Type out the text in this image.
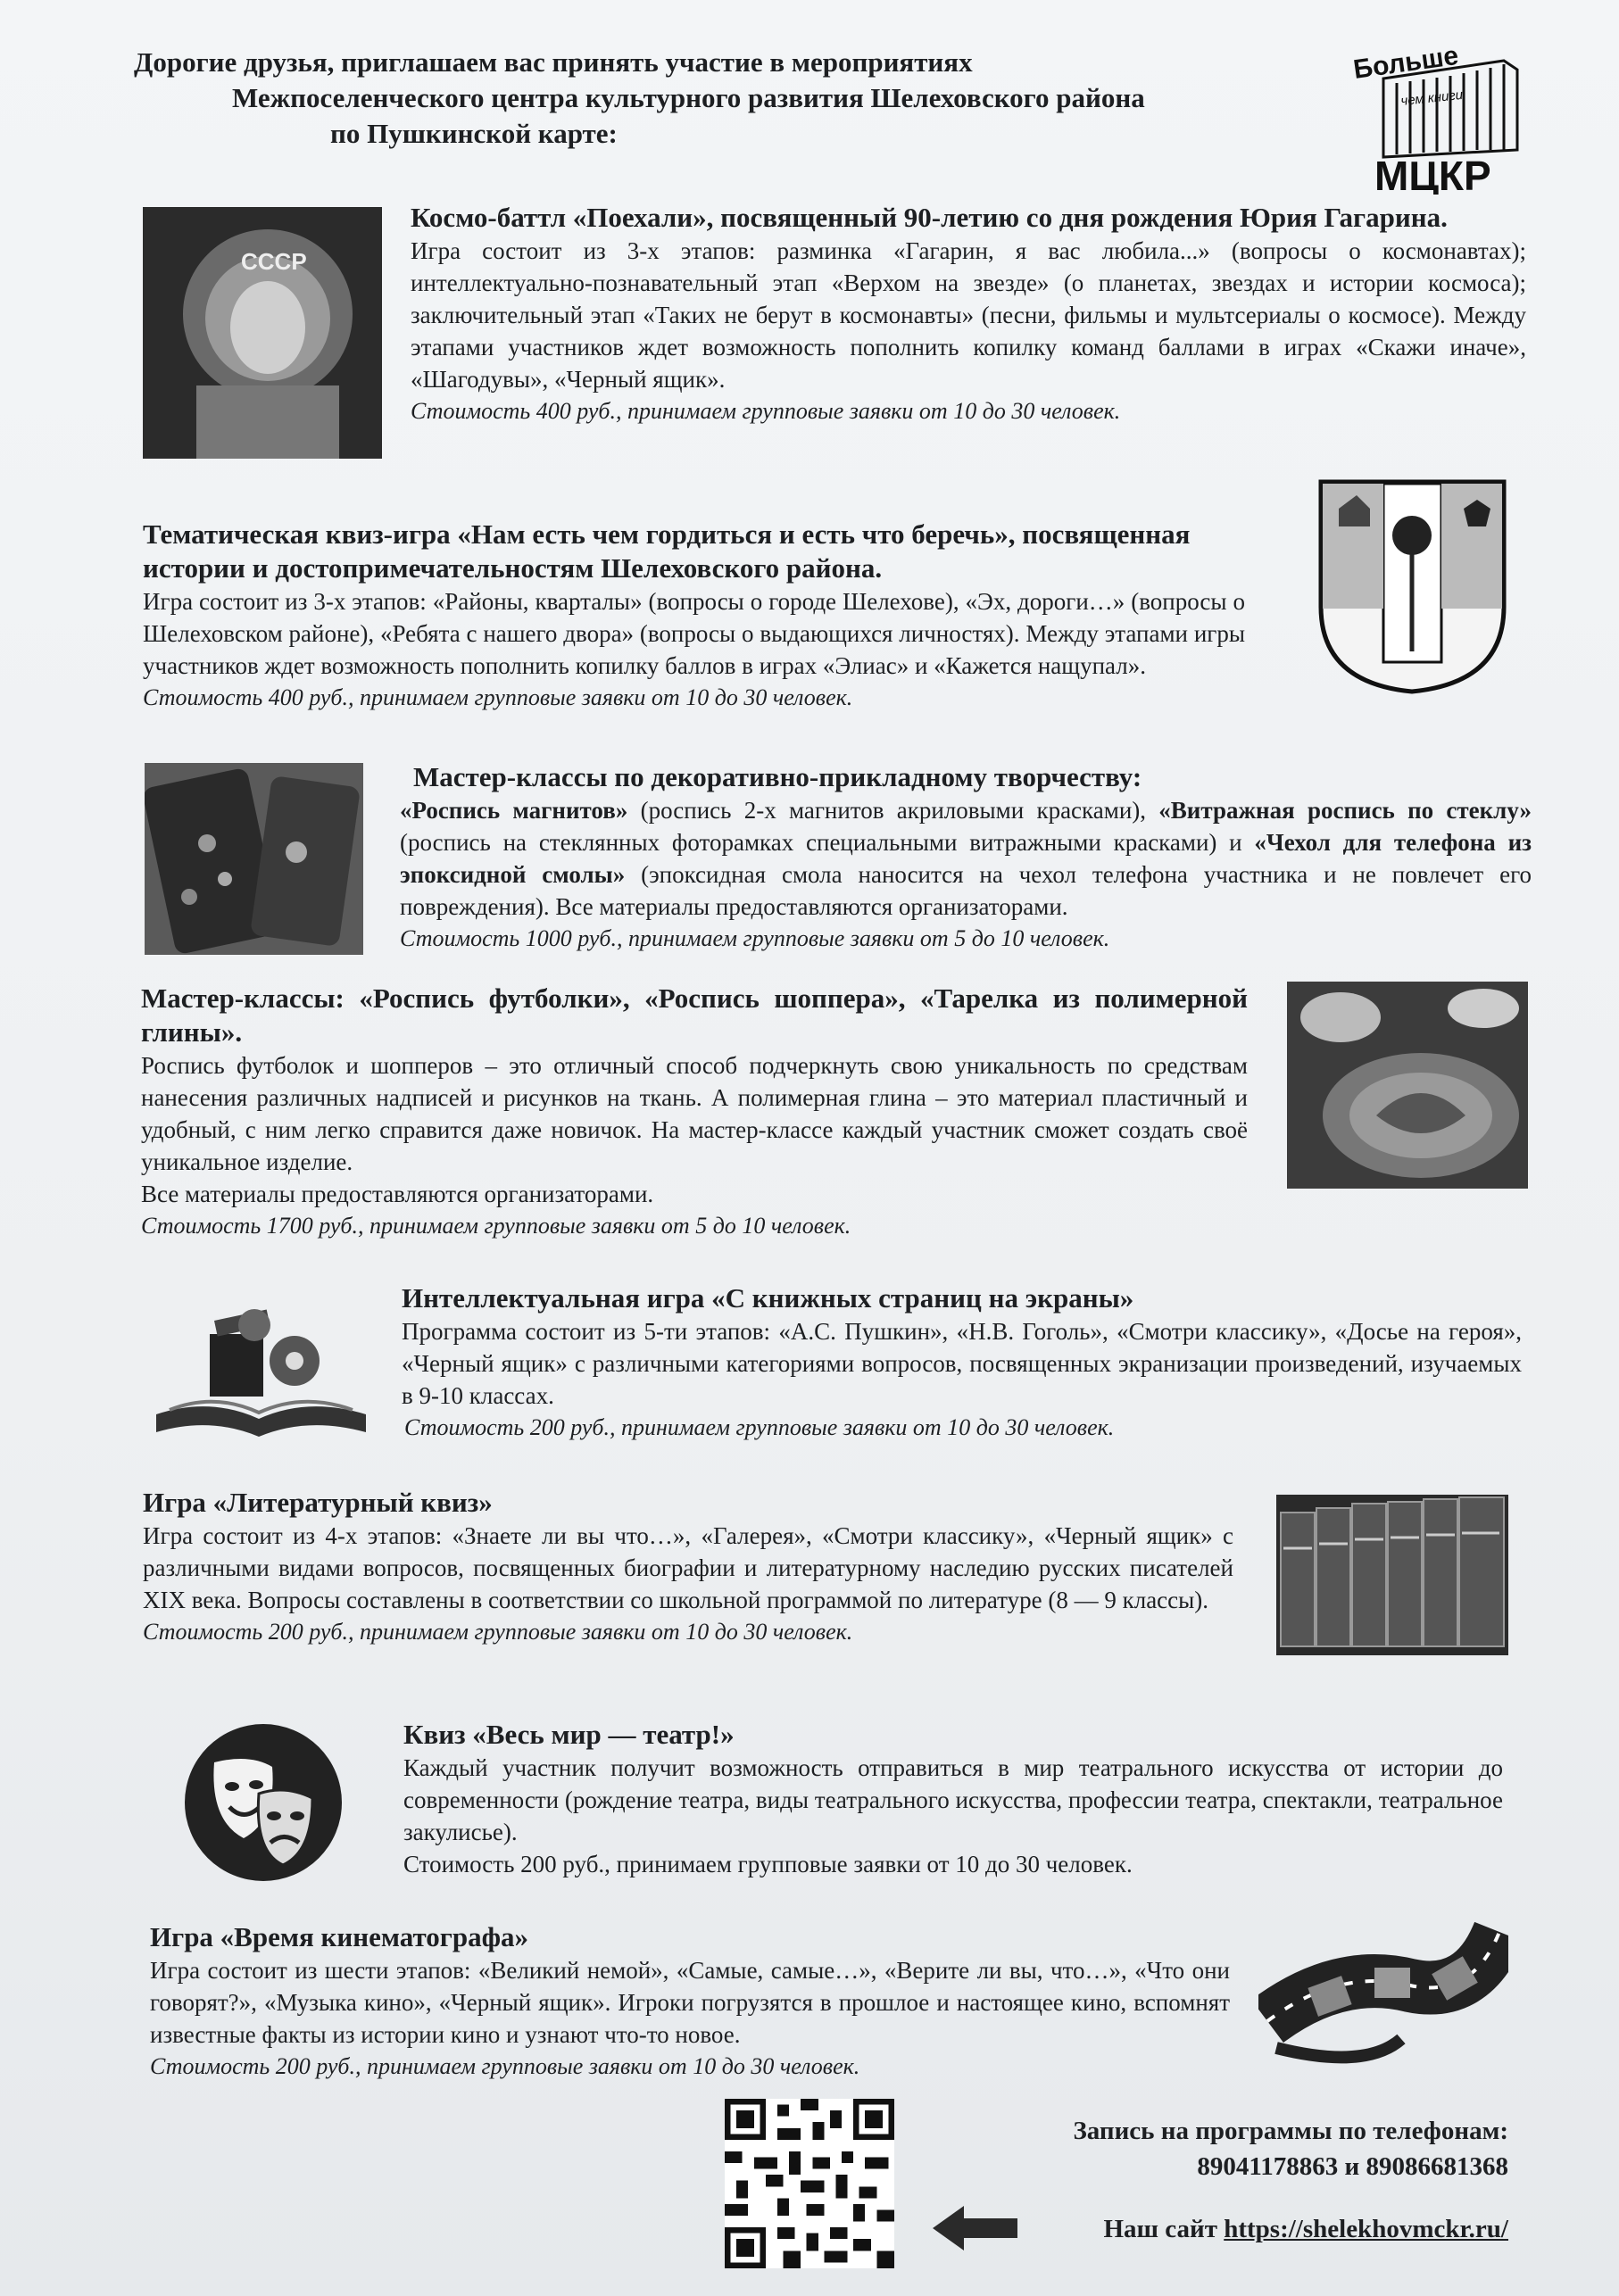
Дорогие друзья, приглашаем вас принять участие в мероприятиях
Межпоселенческого центра культурного развития Шелеховского района
по Пушкинской карте:
Больше
чем книги
МЦКР
СССР
Космо-баттл «Поехали», посвященный 90-летию со дня рождения Юрия Гагарина.

Игра состоит из 3-х этапов: разминка «Гагарин, я вас любила...» (вопросы о космонавтах); интеллектуально-познавательный этап «Верхом на звезде» (о планетах, звездах и истории космоса); заключительный этап «Таких не берут в космонавты» (песни, фильмы и мультсериалы о космосе). Между этапами участников ждет возможность пополнить копилку команд баллами в играх «Скажи иначе», «Шагодувы», «Черный ящик».

Стоимость 400 руб., принимаем групповые заявки от 10 до 30 человек.
Тематическая квиз-игра «Нам есть чем гордиться и есть что беречь», посвященная истории и достопримечательностям Шелеховского района.

Игра состоит из 3-х этапов: «Районы, кварталы» (вопросы о городе Шелехове), «Эх, дороги…» (вопросы о Шелеховском районе), «Ребята с нашего двора» (вопросы о выдающихся личностях). Между этапами игры участников ждет возможность пополнить копилку баллов в играх «Элиас» и «Кажется нащупал».

Стоимость 400 руб., принимаем групповые заявки от 10 до 30 человек.
Мастер-классы по декоративно-прикладному творчеству:

«Роспись магнитов» (роспись 2-х магнитов акриловыми красками), «Витражная роспись по стеклу» (роспись на стеклянных фоторамках специальными витражными красками) и «Чехол для телефона из эпоксидной смолы» (эпоксидная смола наносится на чехол телефона участника и не повлечет его повреждения). Все материалы предоставляются организаторами.

Стоимость 1000 руб., принимаем групповые заявки от 5 до 10 человек.
Мастер-классы: «Роспись футболки», «Роспись шоппера», «Тарелка из полимерной глины».

Роспись футболок и шопперов – это отличный способ подчеркнуть свою уникальность по средствам нанесения различных надписей и рисунков на ткань. А полимерная глина – это материал пластичный и удобный, с ним легко справится даже новичок. На мастер-классе каждый участник сможет создать своё уникальное изделие.

Все материалы предоставляются организаторами.

Стоимость 1700 руб., принимаем групповые заявки от 5 до 10 человек.
Интеллектуальная игра «С книжных страниц на экраны»

Программа состоит из 5-ти этапов: «А.С. Пушкин», «Н.В. Гоголь», «Смотри классику», «Досье на героя», «Черный ящик» с различными категориями вопросов, посвященных экранизации произведений, изучаемых в 9-10 классах.

Стоимость 200 руб., принимаем групповые заявки от 10 до 30 человек.
Игра «Литературный квиз»

Игра состоит из 4-х этапов: «Знаете ли вы что…», «Галерея», «Смотри классику», «Черный ящик» с различными видами вопросов, посвященных биографии и литературному наследию русских писателей XIX века. Вопросы составлены в соответствии со школьной программой по литературе (8 — 9 классы).

Стоимость 200 руб., принимаем групповые заявки от 10 до 30 человек.
Квиз «Весь мир — театр!»

Каждый участник получит возможность отправиться в мир театрального искусства от истории до современности (рождение театра, виды театрального искусства, профессии театра, спектакли, театральное закулисье).

Стоимость 200 руб., принимаем групповые заявки от 10 до 30 человек.
Игра «Время кинематографа»

Игра состоит из шести этапов: «Великий немой», «Самые, самые…», «Верите ли вы, что…», «Что они говорят?», «Музыка кино», «Черный ящик». Игроки погрузятся в прошлое и настоящее кино, вспомнят известные факты из истории кино и узнают что-то новое.

Стоимость 200 руб., принимаем групповые заявки от 10 до 30 человек.
Запись на программы по телефонам:
89041178863 и 89086681368
Наш сайт https://shelekhovmckr.ru/
